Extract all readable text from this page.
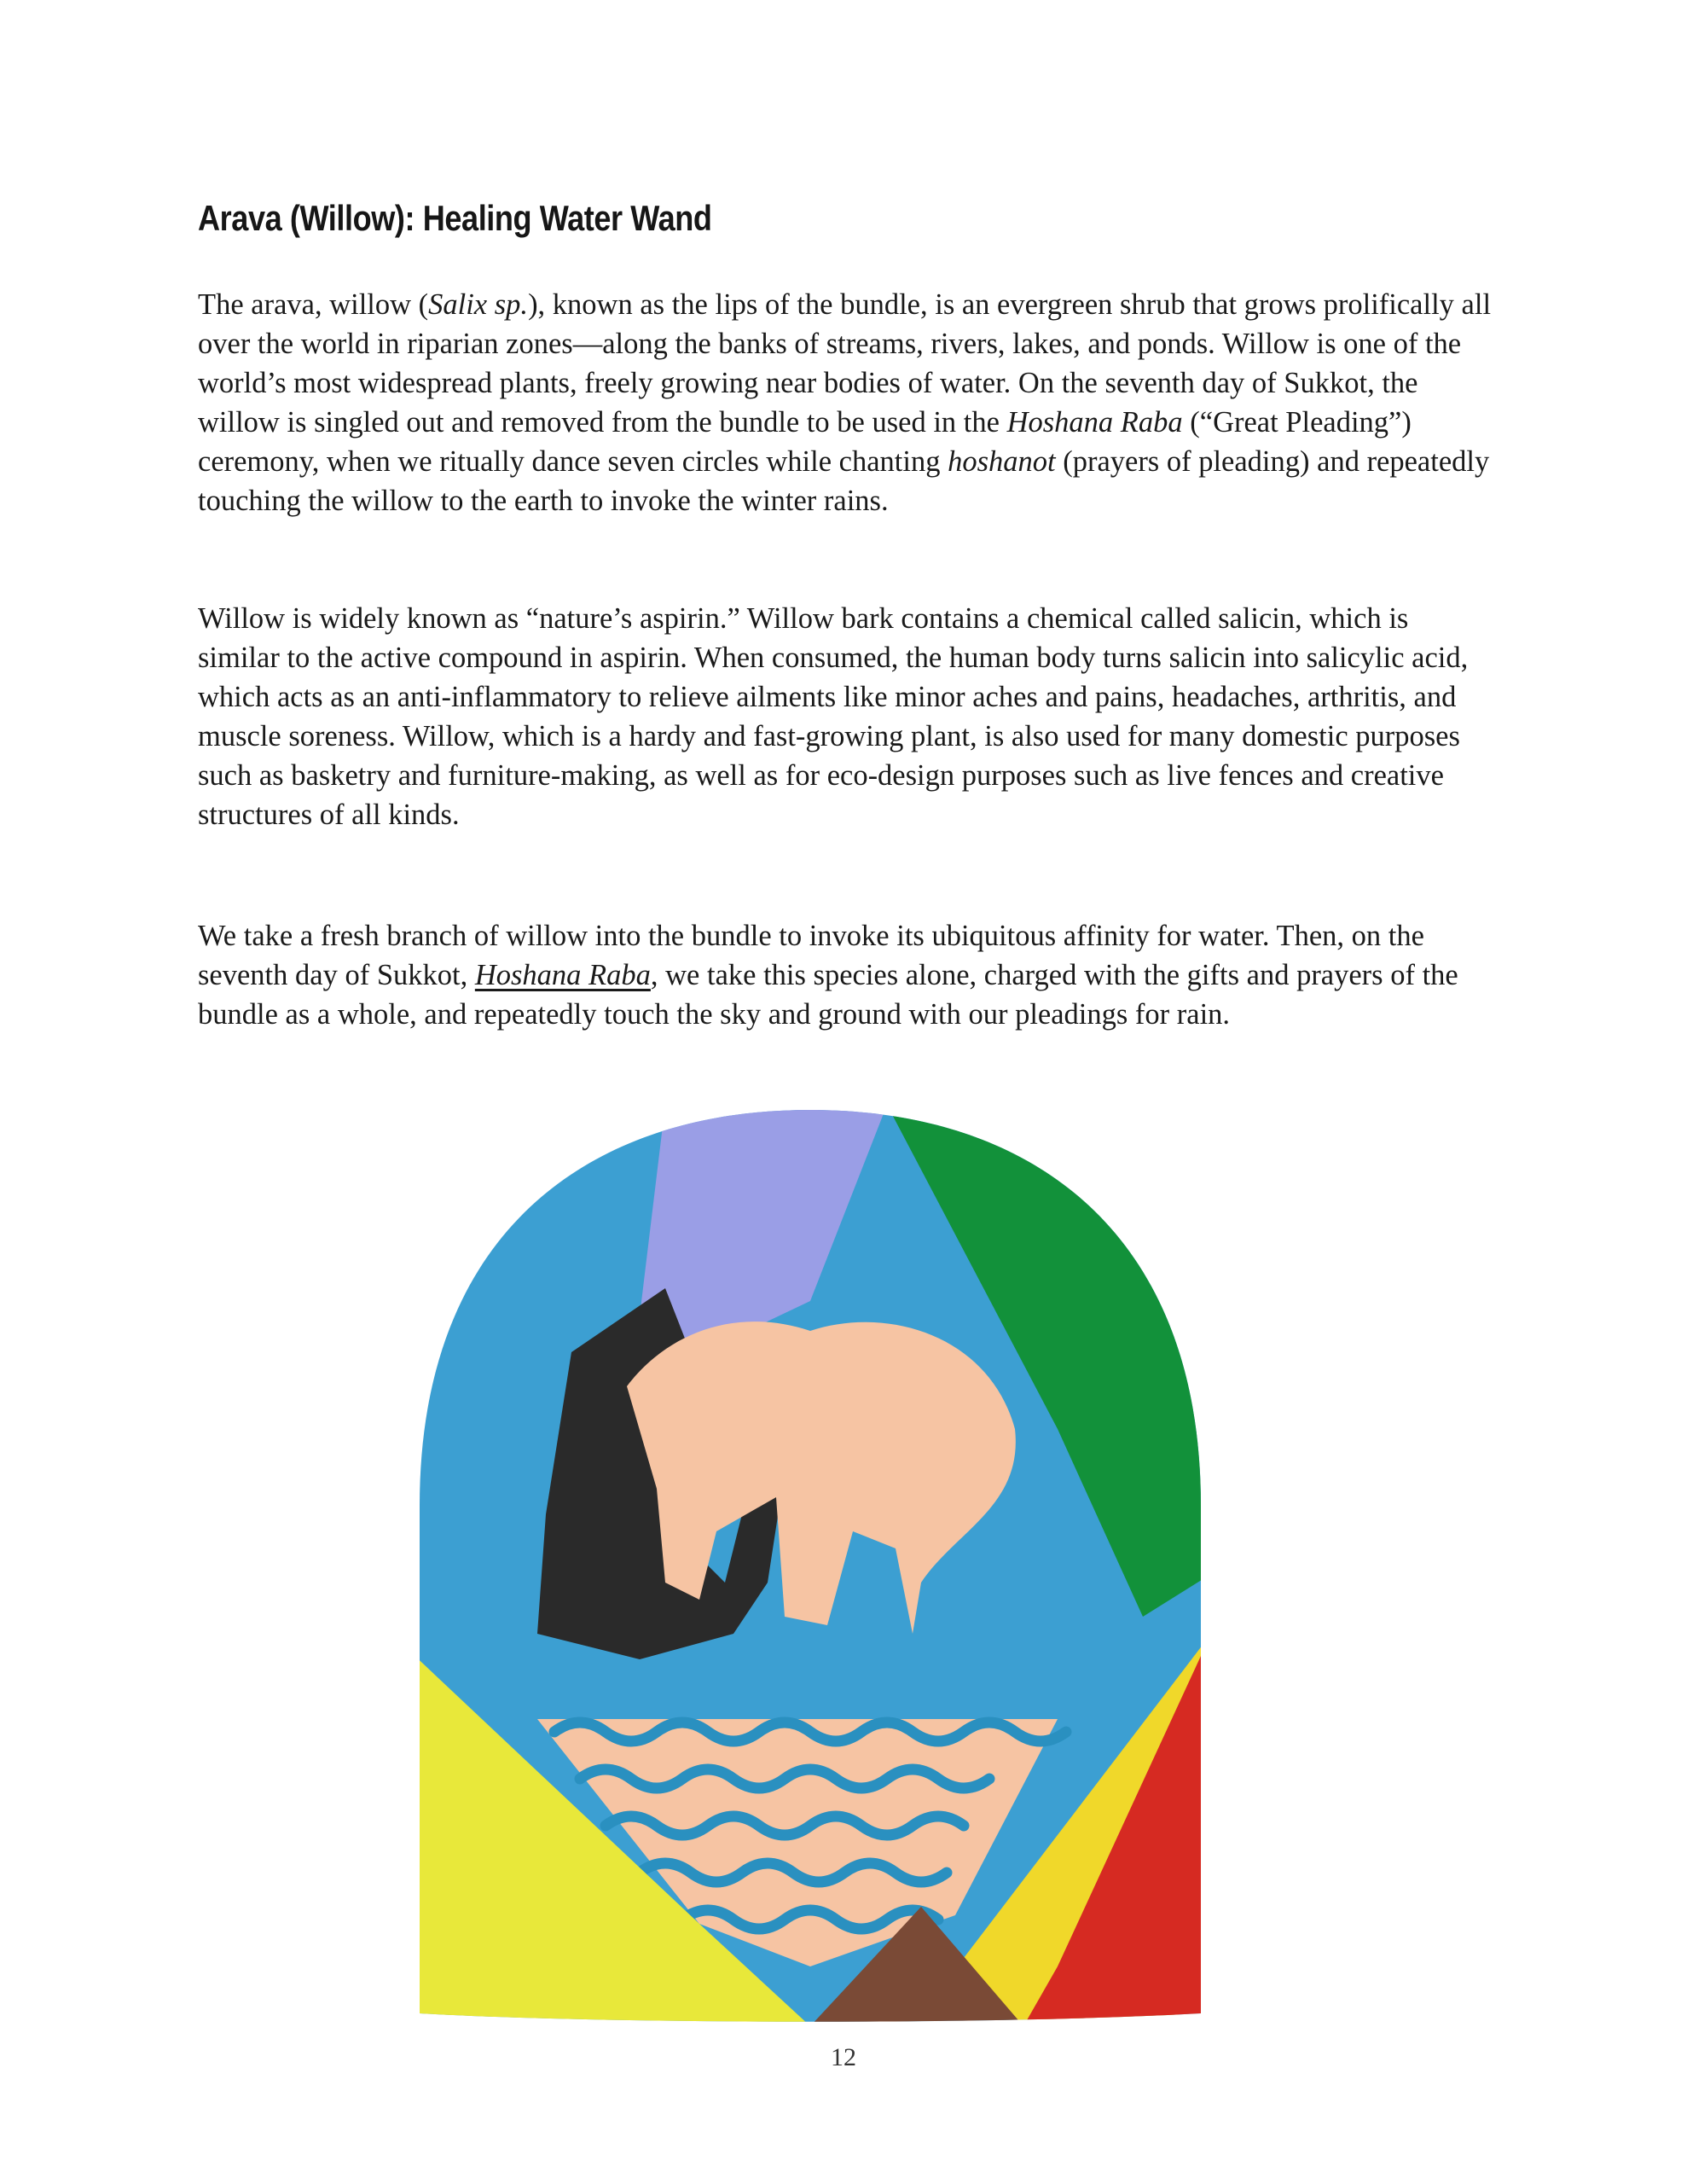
Arava (Willow): Healing Water Wand

The arava, willow (Salix sp.), known as the lips of the bundle, is an evergreen shrub that grows prolifically all over the world in riparian zones—along the banks of streams, rivers, lakes, and ponds. Willow is one of the world’s most widespread plants, freely growing near bodies of water. On the seventh day of Sukkot, the willow is singled out and removed from the bundle to be used in the Hoshana Raba (“Great Pleading”) ceremony, when we ritually dance seven circles while chanting hoshanot (prayers of pleading) and repeatedly touching the willow to the earth to invoke the winter rains.

Willow is widely known as “nature’s aspirin.” Willow bark contains a chemical called salicin, which is similar to the active compound in aspirin. When consumed, the human body turns salicin into salicylic acid, which acts as an anti-inflammatory to relieve ailments like minor aches and pains, headaches, arthritis, and muscle soreness. Willow, which is a hardy and fast-growing plant, is also used for many domestic purposes such as basketry and furniture-making, as well as for eco-design purposes such as live fences and creative structures of all kinds.

We take a fresh branch of willow into the bundle to invoke its ubiquitous affinity for water. Then, on the seventh day of Sukkot, Hoshana Raba, we take this species alone, charged with the gifts and prayers of the bundle as a whole, and repeatedly touch the sky and ground with our pleadings for rain.

12
